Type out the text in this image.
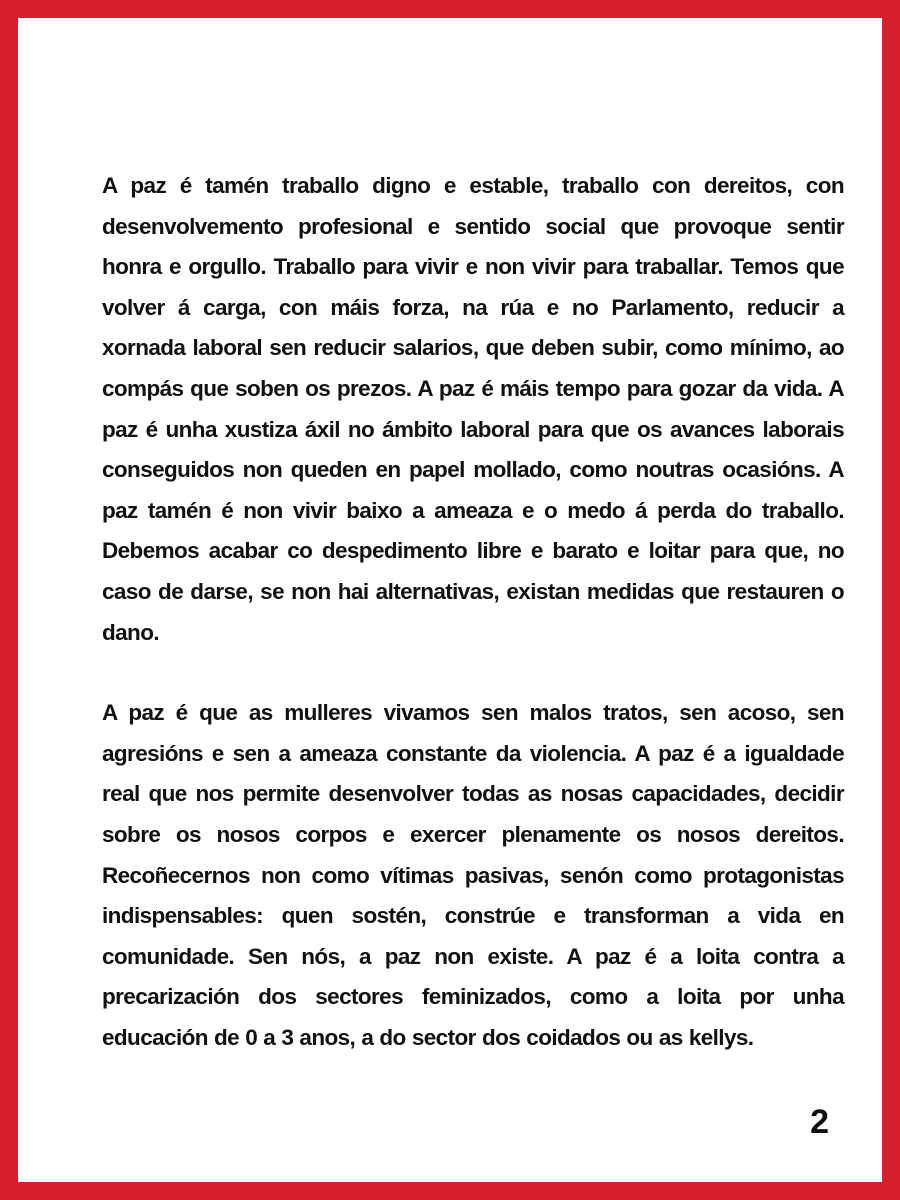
A paz é tamén traballo digno e estable, traballo con dereitos, con desenvolvemento profesional e sentido social que provoque sentir honra e orgullo. Traballo para vivir e non vivir para traballar. Temos que volver á carga, con máis forza, na rúa e no Parlamento, reducir a xornada laboral sen reducir salarios, que deben subir, como mínimo, ao compás que soben os prezos. A paz é máis tempo para gozar da vida. A paz é unha xustiza áxil no ámbito laboral para que os avances laborais conseguidos non queden en papel mollado, como noutras ocasións. A paz tamén é non vivir baixo a ameaza e o medo á perda do traballo. Debemos acabar co despedimento libre e barato e loitar para que, no caso de darse, se non hai alternativas, existan medidas que restauren o dano.

A paz é que as mulleres vivamos sen malos tratos, sen acoso, sen agresións e sen a ameaza constante da violencia. A paz é a igualdade real que nos permite desenvolver todas as nosas capacidades, decidir sobre os nosos corpos e exercer plenamente os nosos dereitos. Recoñecernos non como vítimas pasivas, senón como protagonistas indispensables: quen sostén, constrúe e transforman a vida en comunidade. Sen nós, a paz non existe. A paz é a loita contra a precarización dos sectores feminizados, como a loita por unha educación de 0 a 3 anos, a do sector dos coidados ou as kellys.

2
